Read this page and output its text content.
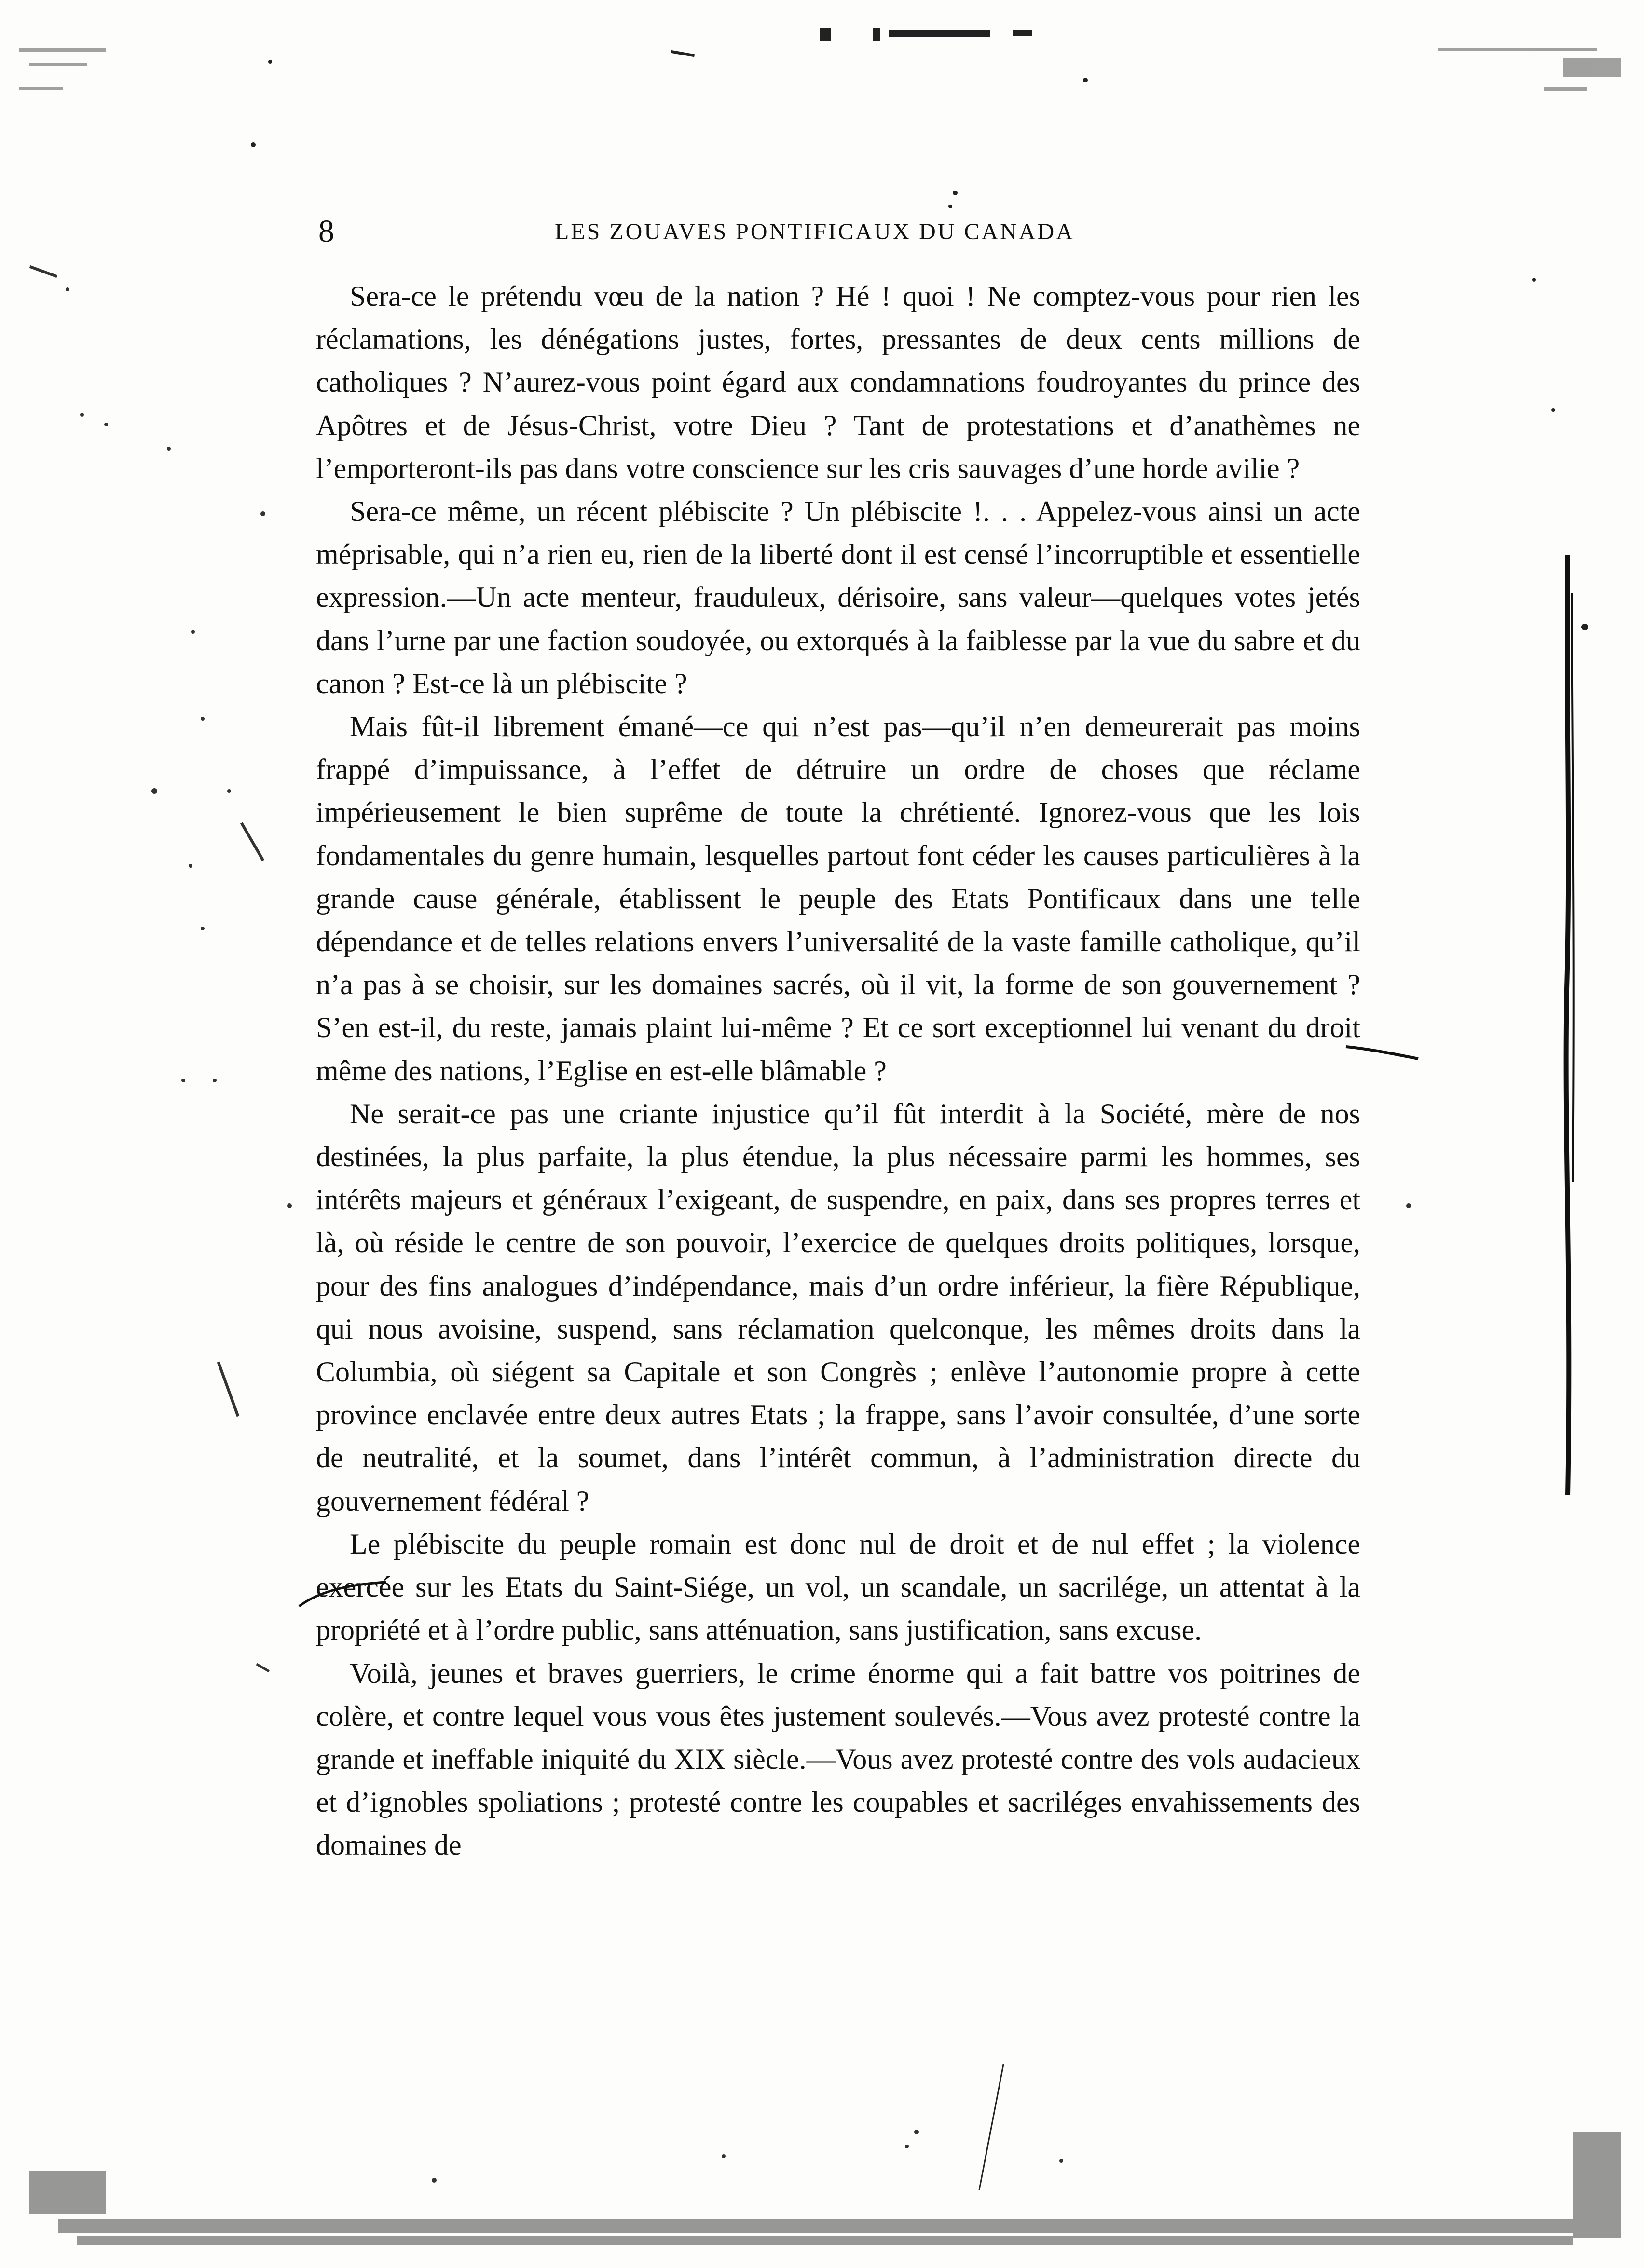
8	LES ZOUAVES PONTIFICAUX DU CANADA

Sera-ce le prétendu vœu de la nation ? Hé ! quoi ! Ne comptez-vous pour rien les réclamations, les dénégations justes, fortes, pressantes de deux cents millions de catholiques ? N’aurez-vous point égard aux condamnations foudroyantes du prince des Apôtres et de Jésus-Christ, votre Dieu ? Tant de protestations et d’anathèmes ne l’emporteront-ils pas dans votre conscience sur les cris sauvages d’une horde avilie ?

Sera-ce même, un récent plébiscite ? Un plébiscite !. . . Appelez-vous ainsi un acte méprisable, qui n’a rien eu, rien de la liberté dont il est censé l’incorruptible et essentielle expression.—Un acte menteur, frauduleux, dérisoire, sans valeur—quelques votes jetés dans l’urne par une faction soudoyée, ou extorqués à la faiblesse par la vue du sabre et du canon ? Est-ce là un plébiscite ?

Mais fût-il librement émané—ce qui n’est pas—qu’il n’en demeurerait pas moins frappé d’impuissance, à l’effet de détruire un ordre de choses que réclame impérieusement le bien suprême de toute la chrétienté. Ignorez-vous que les lois fondamentales du genre humain, lesquelles partout font céder les causes particulières à la grande cause générale, établissent le peuple des Etats Pontificaux dans une telle dépendance et de telles relations envers l’universalité de la vaste famille catholique, qu’il n’a pas à se choisir, sur les domaines sacrés, où il vit, la forme de son gouvernement ? S’en est-il, du reste, jamais plaint lui-même ? Et ce sort exceptionnel lui venant du droit même des nations, l’Eglise en est-elle blâmable ?

Ne serait-ce pas une criante injustice qu’il fût interdit à la Société, mère de nos destinées, la plus parfaite, la plus étendue, la plus nécessaire parmi les hommes, ses intérêts majeurs et généraux l’exigeant, de suspendre, en paix, dans ses propres terres et là, où réside le centre de son pouvoir, l’exercice de quelques droits politiques, lorsque, pour des fins analogues d’indépendance, mais d’un ordre inférieur, la fière République, qui nous avoisine, suspend, sans réclamation quelconque, les mêmes droits dans la Columbia, où siégent sa Capitale et son Congrès ; enlève l’autonomie propre à cette province enclavée entre deux autres Etats ; la frappe, sans l’avoir consultée, d’une sorte de neutralité, et la soumet, dans l’intérêt commun, à l’administration directe du gouvernement fédéral ?

Le plébiscite du peuple romain est donc nul de droit et de nul effet ; la violence exercée sur les Etats du Saint-Siége, un vol, un scandale, un sacrilége, un attentat à la propriété et à l’ordre public, sans atténuation, sans justification, sans excuse.

Voilà, jeunes et braves guerriers, le crime énorme qui a fait battre vos poitrines de colère, et contre lequel vous vous êtes justement soulevés.—Vous avez protesté contre la grande et ineffable iniquité du XIX siècle.—Vous avez protesté contre des vols audacieux et d’ignobles spoliations ; protesté contre les coupables et sacriléges envahissements des domaines de
